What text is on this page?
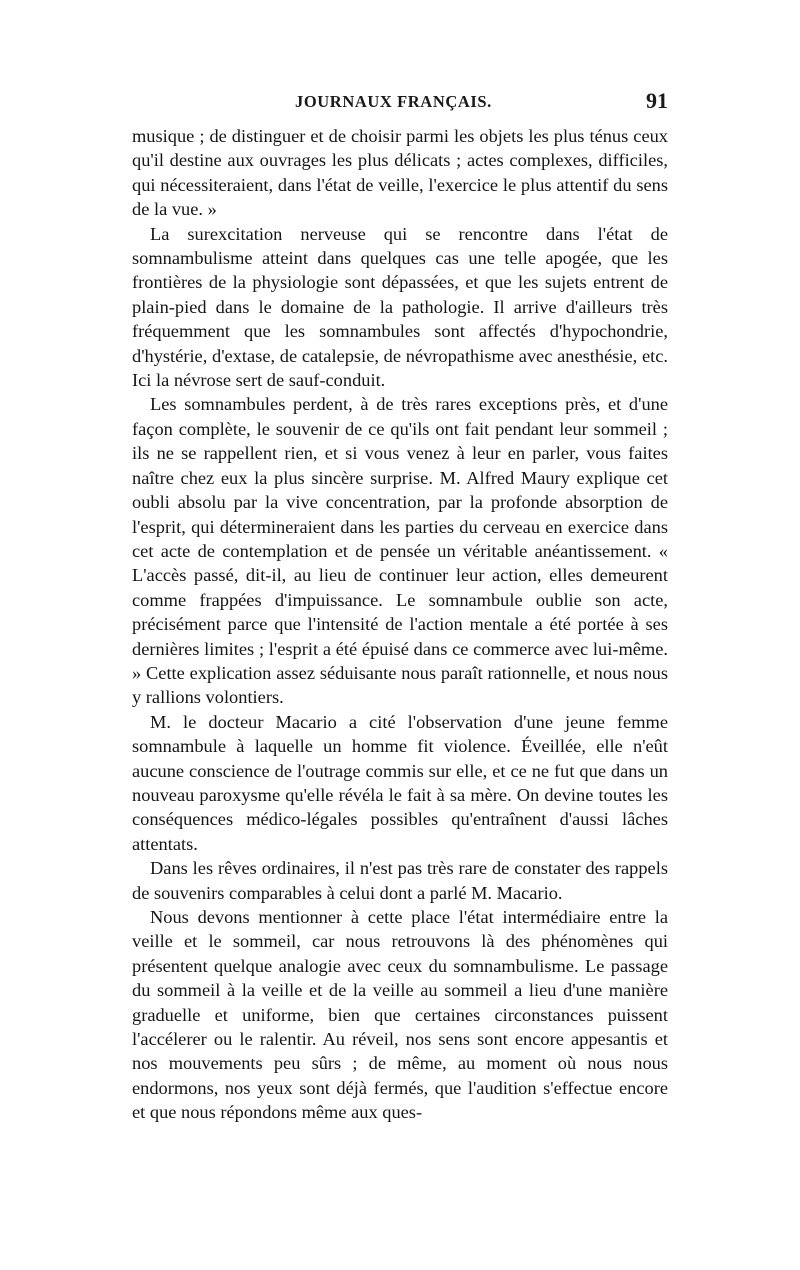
JOURNAUX FRANÇAIS.	91

musique ; de distinguer et de choisir parmi les objets les plus ténus ceux qu'il destine aux ouvrages les plus délicats ; actes complexes, difficiles, qui nécessiteraient, dans l'état de veille, l'exercice le plus attentif du sens de la vue. »

La surexcitation nerveuse qui se rencontre dans l'état de somnambulisme atteint dans quelques cas une telle apogée, que les frontières de la physiologie sont dépassées, et que les sujets entrent de plain-pied dans le domaine de la pathologie. Il arrive d'ailleurs très fréquemment que les somnambules sont affectés d'hypochondrie, d'hystérie, d'extase, de catalepsie, de névropathisme avec anesthésie, etc. Ici la névrose sert de sauf-conduit.

Les somnambules perdent, à de très rares exceptions près, et d'une façon complète, le souvenir de ce qu'ils ont fait pendant leur sommeil ; ils ne se rappellent rien, et si vous venez à leur en parler, vous faites naître chez eux la plus sincère surprise. M. Alfred Maury explique cet oubli absolu par la vive concentration, par la profonde absorption de l'esprit, qui détermineraient dans les parties du cerveau en exercice dans cet acte de contemplation et de pensée un véritable anéantissement. « L'accès passé, dit-il, au lieu de continuer leur action, elles demeurent comme frappées d'impuissance. Le somnambule oublie son acte, précisément parce que l'intensité de l'action mentale a été portée à ses dernières limites ; l'esprit a été épuisé dans ce commerce avec lui-même. » Cette explication assez séduisante nous paraît rationnelle, et nous nous y rallions volontiers.

M. le docteur Macario a cité l'observation d'une jeune femme somnambule à laquelle un homme fit violence. Éveillée, elle n'eût aucune conscience de l'outrage commis sur elle, et ce ne fut que dans un nouveau paroxysme qu'elle révéla le fait à sa mère. On devine toutes les conséquences médico-légales possibles qu'entraînent d'aussi lâches attentats.

Dans les rêves ordinaires, il n'est pas très rare de constater des rappels de souvenirs comparables à celui dont a parlé M. Macario.

Nous devons mentionner à cette place l'état intermédiaire entre la veille et le sommeil, car nous retrouvons là des phénomènes qui présentent quelque analogie avec ceux du somnambulisme. Le passage du sommeil à la veille et de la veille au sommeil a lieu d'une manière graduelle et uniforme, bien que certaines circonstances puissent l'accélerer ou le ralentir. Au réveil, nos sens sont encore appesantis et nos mouvements peu sûrs ; de même, au moment où nous nous endormons, nos yeux sont déjà fermés, que l'audition s'effectue encore et que nous répondons même aux ques-
